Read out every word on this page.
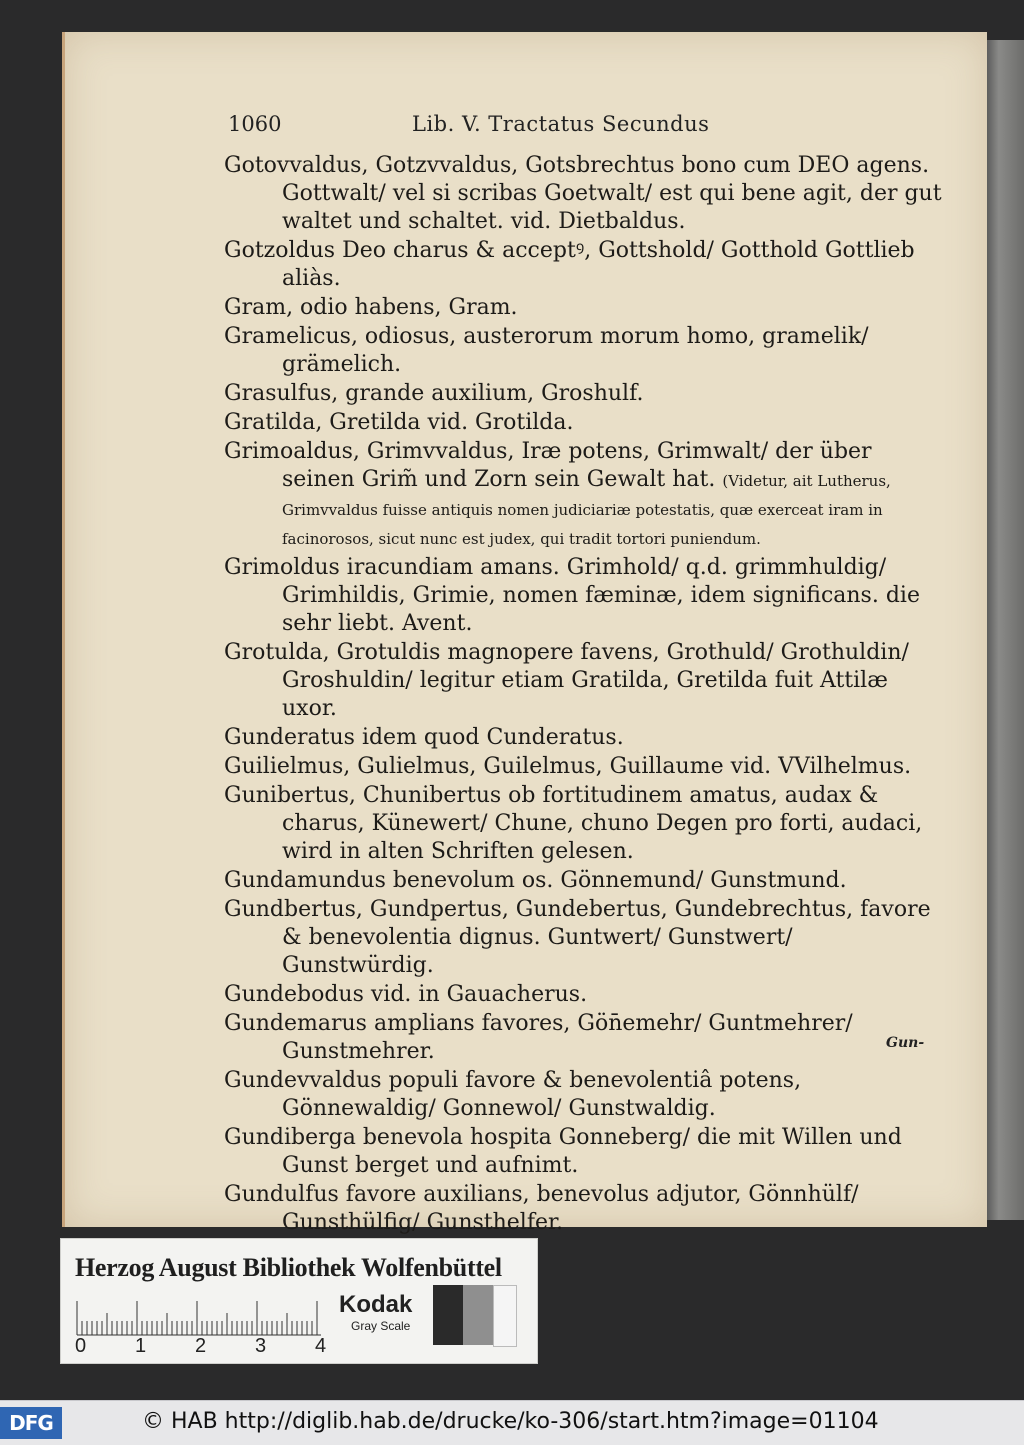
1060	Lib. V. Tractatus Secundus
Gotovvaldus, Gotzvvaldus, Gotsbrechtus bono cum DEO agens. Gottwalt/ vel si scribas Goetwalt/ est qui bene agit, der gut waltet und schaltet. vid. Dietbaldus.
Gotzoldus Deo charus & acceptꝰ, Gottshold/ Gotthold Gottlieb aliàs.
Gram, odio habens, Gram.
Gramelicus, odiosus, austerorum morum homo, gramelik/ grämelich.
Grasulfus, grande auxilium, Groshulf.
Gratilda, Gretilda vid. Grotilda.
Grimoaldus, Grimvvaldus, Iræ potens, Grimwalt/ der über seinen Grim̃ und Zorn sein Gewalt hat. (Videtur, ait Lutherus, Grimvvaldus fuisse antiquis nomen judiciariæ potestatis, quæ exerceat iram in facinorosos, sicut nunc est judex, qui tradit tortori puniendum.
Grimoldus iracundiam amans. Grimhold/ q.d. grimmhuldig/ Grimhildis, Grimie, nomen fæminæ, idem significans. die sehr liebt. Avent.
Grotulda, Grotuldis magnopere favens, Grothuld/ Grothuldin/ Groshuldin/ legitur etiam Gratilda, Gretilda fuit Attilæ uxor.
Gunderatus idem quod Cunderatus.
Guilielmus, Gulielmus, Guilelmus, Guillaume vid. VVilhelmus.
Gunibertus, Chunibertus ob fortitudinem amatus, audax & charus, Künewert/ Chune, chuno Degen pro forti, audaci, wird in alten Schriften gelesen.
Gundamundus benevolum os. Gönnemund/ Gunstmund.
Gundbertus, Gundpertus, Gundebertus, Gundebrechtus, favore & benevolentia dignus. Guntwert/ Gunstwert/ Gunstwürdig.
Gundebodus vid. in Gauacherus.
Gundemarus amplians favores, Gön̄emehr/ Guntmehrer/ Gunstmehrer.
Gundevvaldus populi favore & benevolentiâ potens, Gönnewaldig/ Gonnewol/ Gunstwaldig.
Gundiberga benevola hospita Gonneberg/ die mit Willen und Gunst berget und aufnimt.
Gundulfus favore auxilians, benevolus adjutor, Gönnhülf/ Gunsthülfig/ Gunsthelfer.
Gun-
Herzog August Bibliothek Wolfenbüttel
0 1 2 3 4
Kodak
Gray Scale
DFG	© HAB http://diglib.hab.de/drucke/ko-306/start.htm?image=01104
